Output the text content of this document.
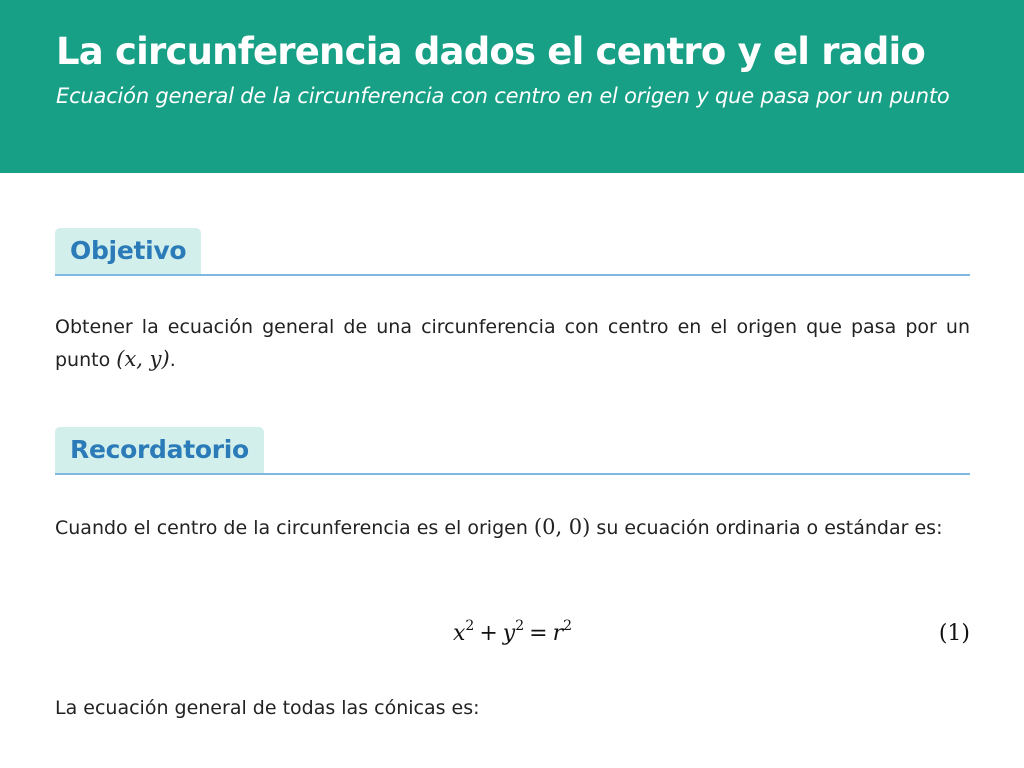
La circunferencia dados el centro y el radio
Ecuación general de la circunferencia con centro en el origen y que pasa por un punto
Objetivo

Obtener la ecuación general de una circunferencia con centro en el origen que pasa por un punto (x, y).

Recordatorio

Cuando el centro de la circunferencia es el origen (0, 0) su ecuación ordinaria o estándar es:

$x^2 + y^2 = r^2$	(1)

La ecuación general de todas las cónicas es:
